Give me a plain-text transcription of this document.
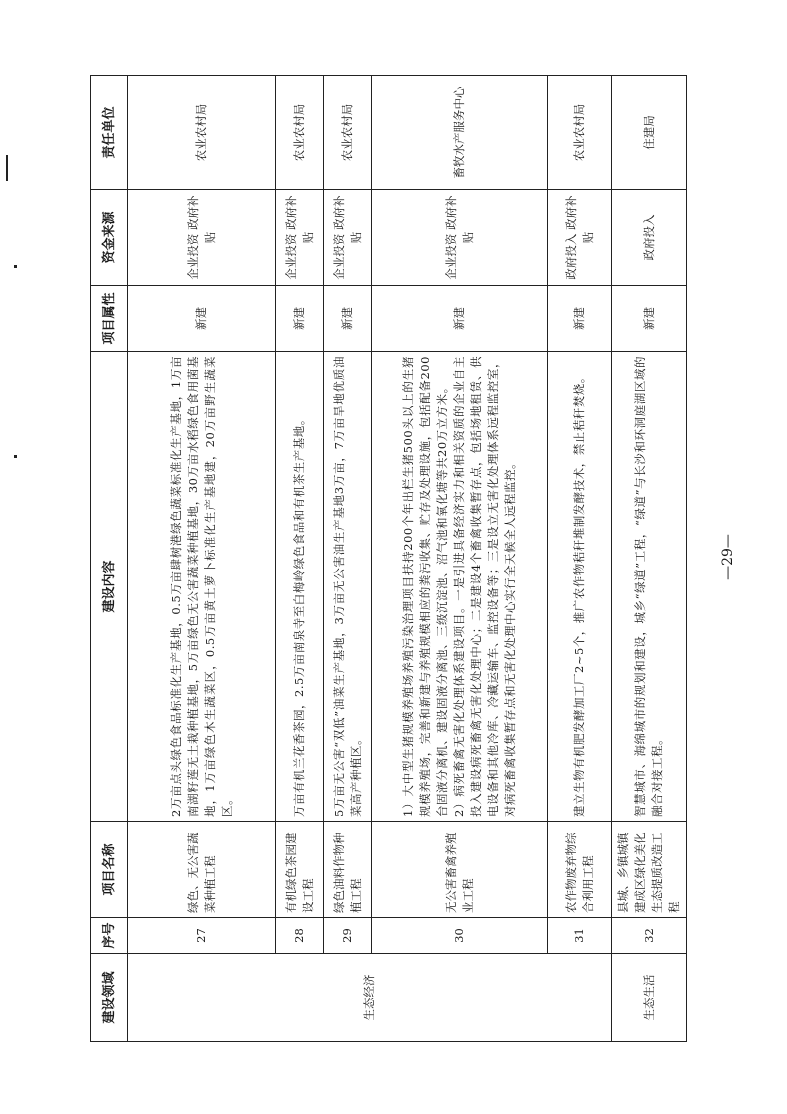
建设领域	序号	项目名称	建设内容	项目属性	资金来源	责任单位
生态经济	27	绿色、无公害蔬菜种植工程	2万亩点头绿色食品标准化生产基地，0.5万亩肆树港绿色蔬菜标准化生产基地，1万亩南湖籽莲无土栽种植基地，5万亩绿色无公害蔬菜种植基地，30万亩水稻绿色食用菌基地，1万亩绿色木生蔬菜区，0.5万亩黄土萝卜标准化生产基地建，20万亩野生蔬菜区。	新建	企业投资 政府补贴	农业农村局
	28	有机绿色茶园建设工程	万亩有机兰花香茶园，2.5万亩南泉寺至白梅岭绿色食品和有机茶生产基地。	新建	企业投资 政府补贴	农业农村局
	29	绿色油料作物种植工程	5万亩无公害“双低”油菜生产基地，3万亩无公害油生产基地3万亩，7万亩旱地优质油菜高产种植区。	新建	企业投资 政府补贴	农业农村局
	30	无公害畜禽养殖业工程	1）大中型生猪规模养殖场养殖污染治理项目扶持200个年出栏生猪500头以上的生猪规模养殖场，完善和新建与养殖规模相应的粪污收集、贮存及处理设施，包括配备200台固液分离机、建设固液分离池、三级沉淀池、沼气池和氧化塘等共20万立方米。 2）病死畜禽无害化处理体系建设项目。一是引进具备经济实力和相关资质的企业自主投入建设病死畜禽无害化处理中心；二是建设4个畜禽收集暂存点，包括场地租赁、供电设备和其他冷库、冷藏运输车、监控设备等；三是设立无害化处理体系远程监控室，对病死畜禽收集暂存点和无害化处理中心实行全天候全人远程监控。	新建	企业投资 政府补贴	畜牧水产服务中心
	31	农作物废弃物综合利用工程	建立生物有机肥发酵加工厂2~5个，推广农作物秸秆堆制发酵技术，禁止秸秆焚烧。	新建	政府投入 政府补贴	农业农村局
生态生活	32	县城、乡镇城镇建成区绿化美化生态提质改造工程	智慧城市、海绵城市的规划和建设，城乡“绿道”工程，“绿道”与长沙和环洞庭湖区域的融合对接工程。	新建	政府投入	住建局
—29—
